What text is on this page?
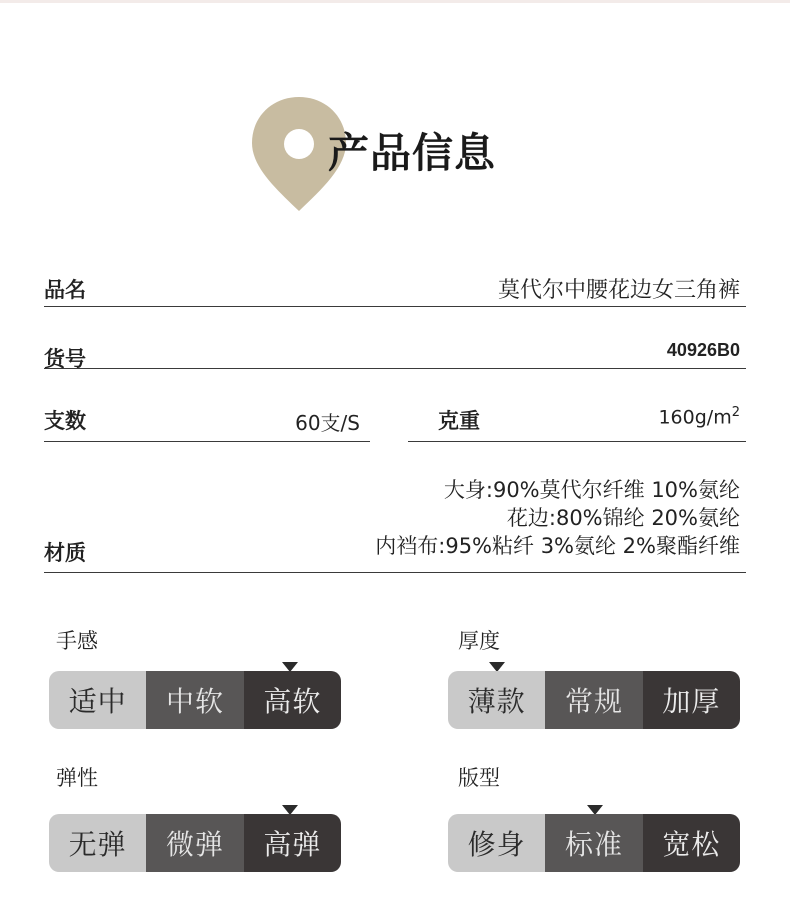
产品信息
品名	莫代尔中腰花边女三角裤
货号	40926B0
支数	60支/S	克重	$160g/m^2$
材质
大身:90%莫代尔纤维 10%氨纶
花边:80%锦纶 20%氨纶
内裆布:95%粘纤 3%氨纶 2%聚酯纤维
手感
适中	中软	高软
厚度
薄款	常规	加厚
弹性
无弹	微弹	高弹
版型
修身	标准	宽松
